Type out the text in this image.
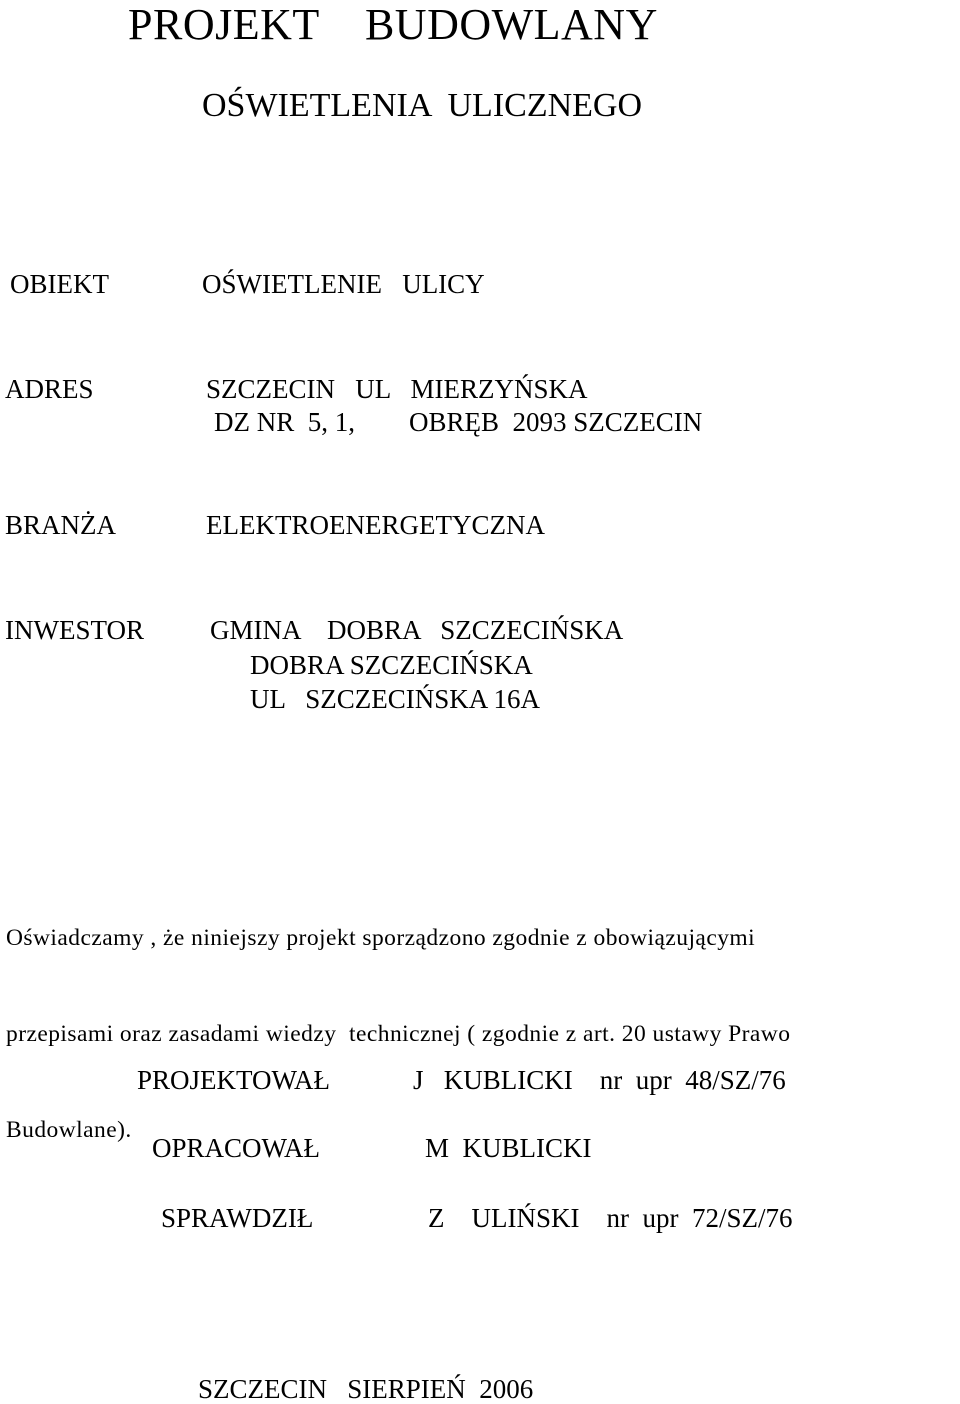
PROJEKT    BUDOWLANY
OŚWIETLENIA  ULICZNEGO
OBIEKT	OŚWIETLENIE   ULICY
ADRES	SZCZECIN   UL   MIERZYŃSKA
DZ NR  5, 1,        OBRĘB  2093 SZCZECIN
BRANŻA	ELEKTROENERGETYCZNA
INWESTOR GMINA    DOBRA   SZCZECIŃSKA
DOBRA SZCZECIŃSKA
UL   SZCZECIŃSKA 16A

Oświadczamy , że niniejszy projekt sporządzono zgodnie z obowiązującymi

przepisami oraz zasadami wiedzy  technicznej ( zgodnie z art. 20 ustawy Prawo

Budowlane).

PROJEKTOWAŁ	J   KUBLICKI    nr  upr  48/SZ/76
OPRACOWAŁ	M  KUBLICKI
SPRAWDZIŁ	Z    ULIŃSKI    nr  upr  72/SZ/76
SZCZECIN   SIERPIEŃ  2006
